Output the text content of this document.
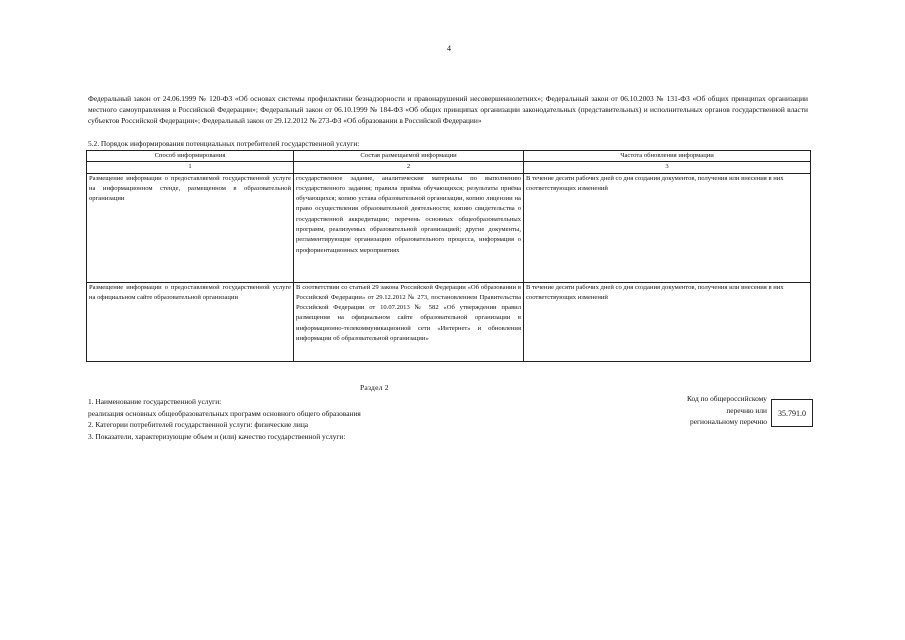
4
Федеральный закон от 24.06.1999 № 120-ФЗ «Об основах системы профилактики безнадзорности и правонарушений несовершеннолетних»; Федеральный закон от 06.10.2003 № 131-ФЗ «Об общих принципах организации местного самоуправления в Российской Федерации»; Федеральный закон от 06.10.1999 № 184-ФЗ «Об общих принципах организации законодательных (представительных) и исполнительных органов государственной власти субъектов Российской Федерации»; Федеральный закон от 29.12.2012 № 273-ФЗ «Об образовании в Российской Федерации»
5.2. Порядок информирования потенциальных потребителей государственной услуги:
Способ информирования	Состав размещаемой информации	Частота обновления информации
1	2	3
Размещение информации о предоставляемой государственной услуге на информационном стенде, размещенном в образовательной организации	государственное задание, аналитические материалы по выполнению государственного задания; правила приёма обучающихся; результаты приёма обучающихся; копию устава образовательной организации, копию лицензии на право осуществления образовательной деятельности; копию свидетельства о государственной аккредитации; перечень основных общеобразовательных программ, реализуемых образовательной организацией; другие документы, регламентирующие организацию образовательного процесса, информация о профориентационных мероприятиях	В течение десяти рабочих дней со дня создания документов, получения или внесения в них соответствующих изменений
Размещение информации о предоставляемой государственной услуге на официальном сайте образовательной организации	В соответствии со статьей 29 закона Российской Федерации «Об образовании в Российской Федерации» от 29.12.2012 № 273, постановлением Правительства Российской Федерации от 10.07.2013 № 582 «Об утверждении правил размещения на официальном сайте образовательной организации в информационно-телекоммуникационной сети «Интернет» и обновления информации об образовательной организации»	В течение десяти рабочих дней со дня создания документов, получения или внесения в них соответствующих изменений
Раздел 2
1. Наименование государственной услуги:
реализация основных общеобразовательных программ основного общего образования
2. Категории потребителей государственной услуги: физические лица
3. Показатели, характеризующие объем и (или) качество государственной услуги:
Код по общероссийскому
перечню или
региональному перечню
35.791.0
